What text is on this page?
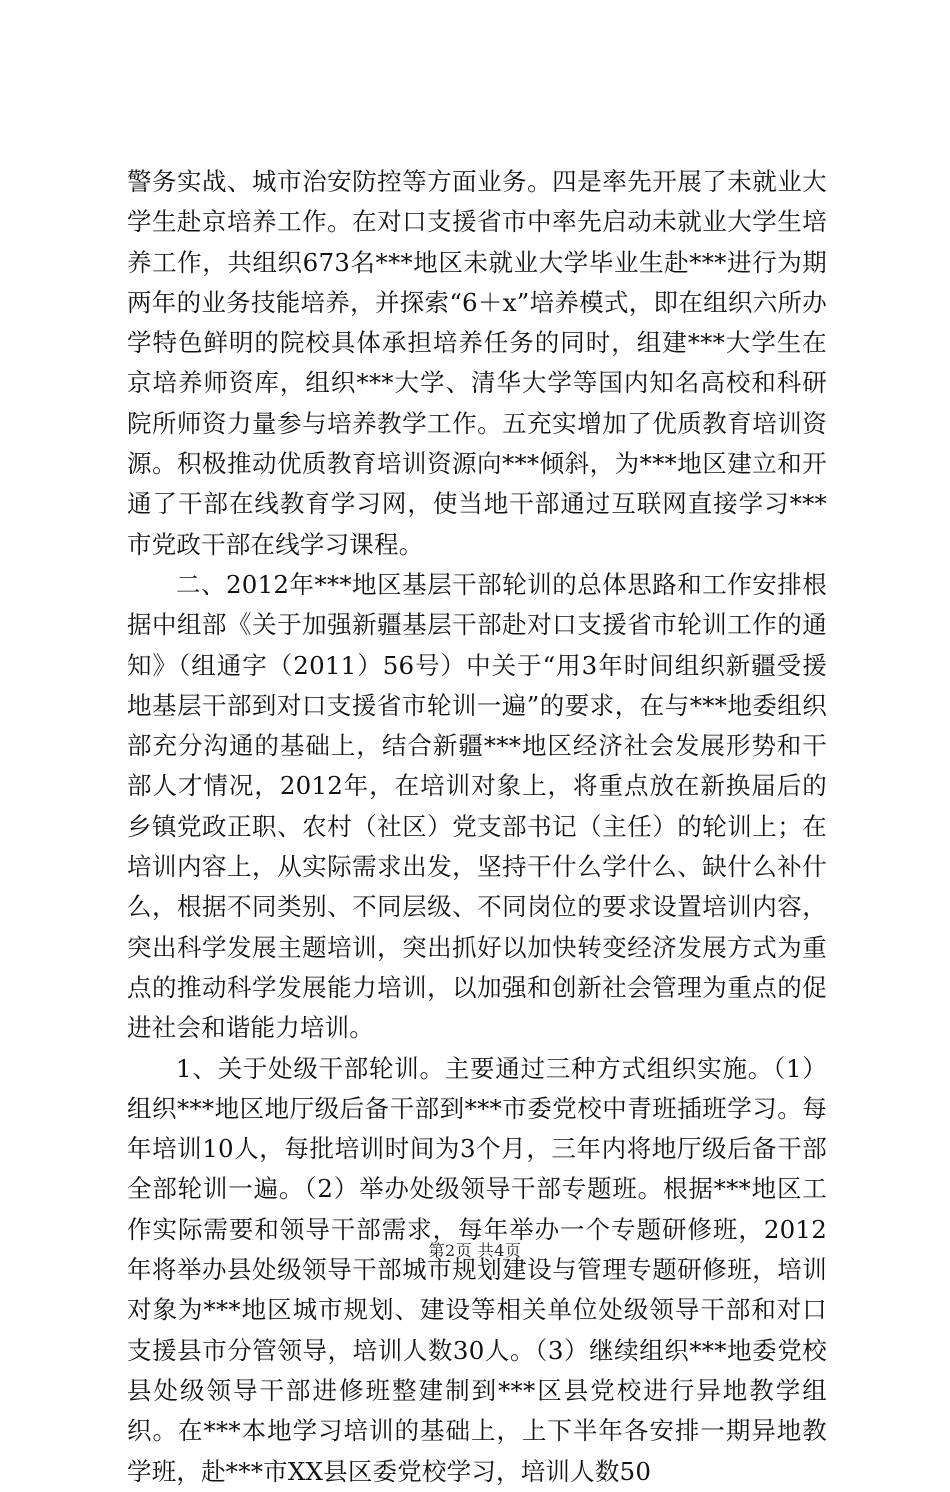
警务实战、城市治安防控等方面业务。四是率先开展了未就业大学生赴京培养工作。在对口支援省市中率先启动未就业大学生培养工作，共组织673名***地区未就业大学毕业生赴***进行为期两年的业务技能培养，并探索“6＋x”培养模式，即在组织六所办学特色鲜明的院校具体承担培养任务的同时，组建***大学生在京培养师资库，组织***大学、清华大学等国内知名高校和科研院所师资力量参与培养教学工作。五充实增加了优质教育培训资源。积极推动优质教育培训资源向***倾斜，为***地区建立和开通了干部在线教育学习网，使当地干部通过互联网直接学习***市党政干部在线学习课程。

二、2012年***地区基层干部轮训的总体思路和工作安排根据中组部《关于加强新疆基层干部赴对口支援省市轮训工作的通知》（组通字（2011）56号）中关于“用3年时间组织新疆受援地基层干部到对口支援省市轮训一遍”的要求，在与***地委组织部充分沟通的基础上，结合新疆***地区经济社会发展形势和干部人才情况，2012年，在培训对象上，将重点放在新换届后的乡镇党政正职、农村（社区）党支部书记（主任）的轮训上；在培训内容上，从实际需求出发，坚持干什么学什么、缺什么补什么，根据不同类别、不同层级、不同岗位的要求设置培训内容，突出科学发展主题培训，突出抓好以加快转变经济发展方式为重点的推动科学发展能力培训，以加强和创新社会管理为重点的促进社会和谐能力培训。

1、关于处级干部轮训。主要通过三种方式组织实施。（1）组织***地区地厅级后备干部到***市委党校中青班插班学习。每年培训10人，每批培训时间为3个月，三年内将地厅级后备干部全部轮训一遍。（2）举办处级领导干部专题班。根据***地区工作实际需要和领导干部需求，每年举办一个专题研修班，2012年将举办县处级领导干部城市规划建设与管理专题研修班，培训对象为***地区城市规划、建设等相关单位处级领导干部和对口支援县市分管领导，培训人数30人。（3）继续组织***地委党校县处级领导干部进修班整建制到***区县党校进行异地教学组织。在***本地学习培训的基础上，上下半年各安排一期异地教学班，赴***市XX县区委党校学习，培训人数50

第2页 共4页
